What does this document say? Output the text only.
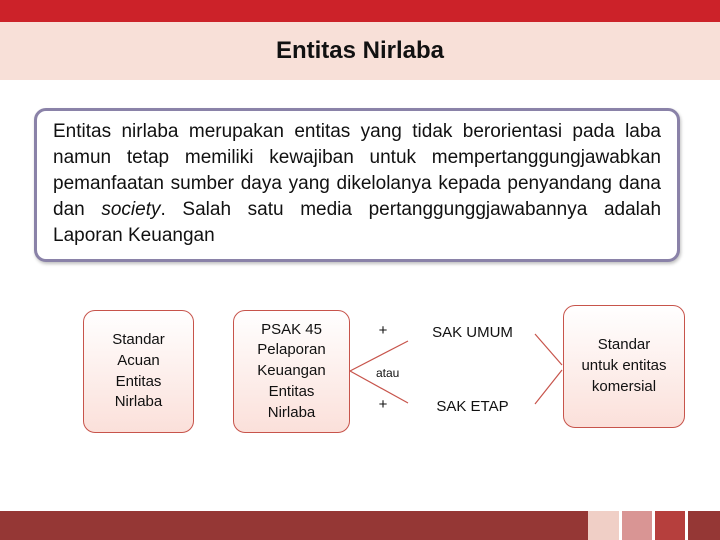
Entitas Nirlaba

Entitas nirlaba merupakan entitas yang tidak berorientasi pada laba namun tetap memiliki kewajiban untuk mempertanggungjawabkan pemanfaatan sumber daya yang dikelolanya kepada penyandang dana dan society. Salah satu media pertanggunggjawabannya adalah Laporan Keuangan

Standar
Acuan
Entitas
Nirlaba
PSAK 45
Pelaporan
Keuangan
Entitas
Nirlaba
+
atau
+
SAK UMUM
SAK ETAP
Standar
untuk entitas
komersial
